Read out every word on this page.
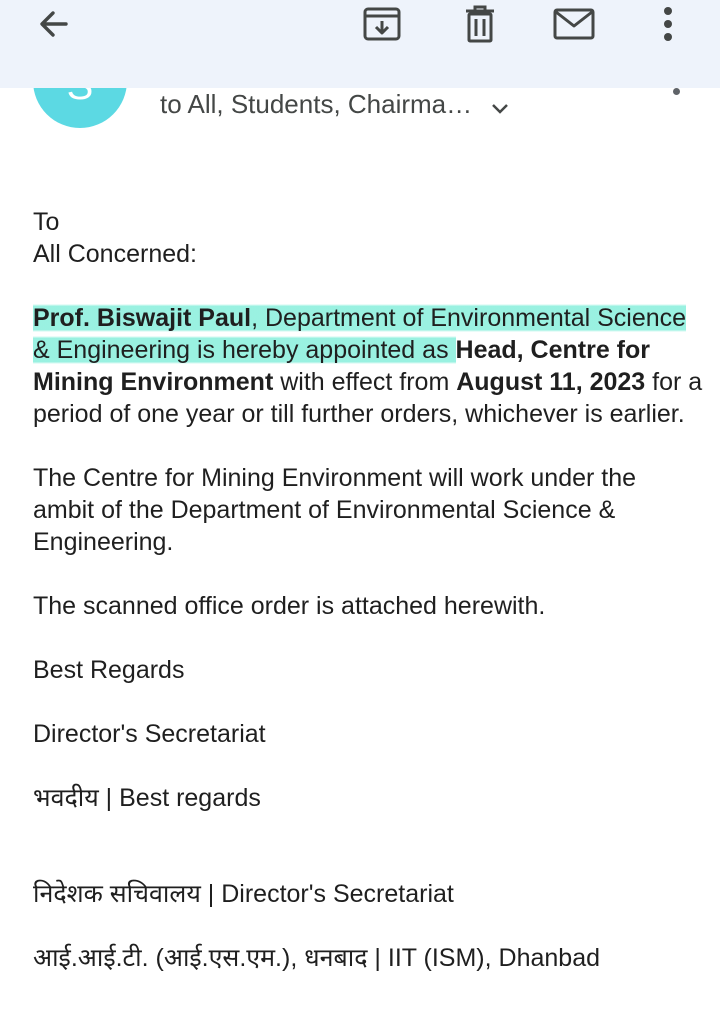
to All, Students, Chairma…

To

All Concerned:

Prof. Biswajit Paul, Department of Environmental Science & Engineering is hereby appointed as Head, Centre for Mining Environment with effect from August 11, 2023 for a period of one year or till further orders, whichever is earlier.

The Centre for Mining Environment will work under the ambit of the Department of Environmental Science & Engineering.

The scanned office order is attached herewith.

Best Regards

Director's Secretariat

भवदीय | Best regards

निदेशक सचिवालय | Director's Secretariat

आई.आई.टी. (आई.एस.एम.), धनबाद | IIT (ISM), Dhanbad
